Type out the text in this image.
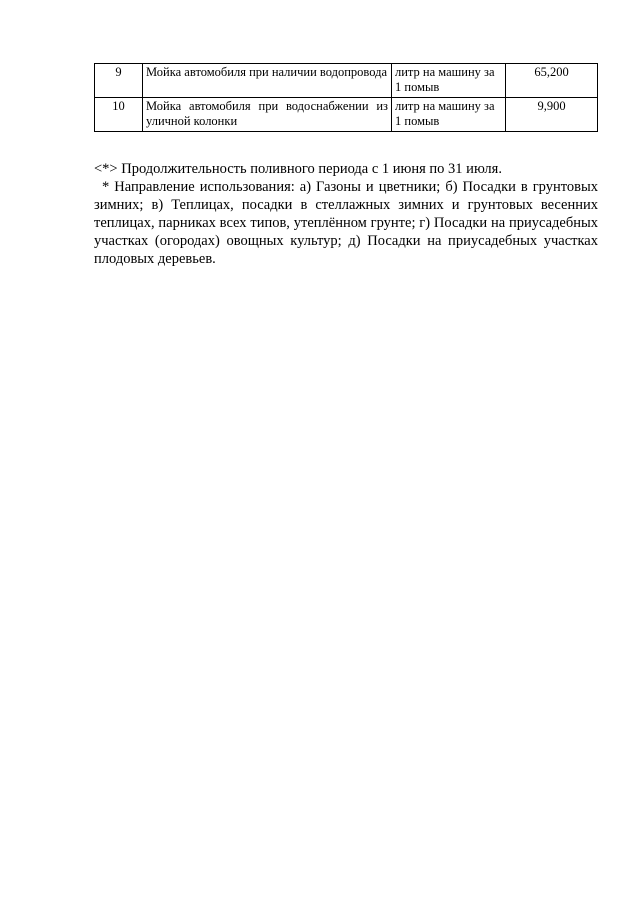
9	Мойка автомобиля при наличии водопровода	литр на машину за 1 помыв	65,200
10	Мойка автомобиля при водоснабжении из уличной колонки	литр на машину за 1 помыв	9,900

<*> Продолжительность поливного периода с 1 июня по 31 июля.

* Направление использования: а) Газоны и цветники; б) Посадки в грунтовых зимних; в) Теплицах, посадки в стеллажных зимних и грунтовых весенних теплицах, парниках всех типов, утеплённом грунте; г) Посадки на приусадебных участках (огородах) овощных культур; д) Посадки на приусадебных участках плодовых деревьев.
